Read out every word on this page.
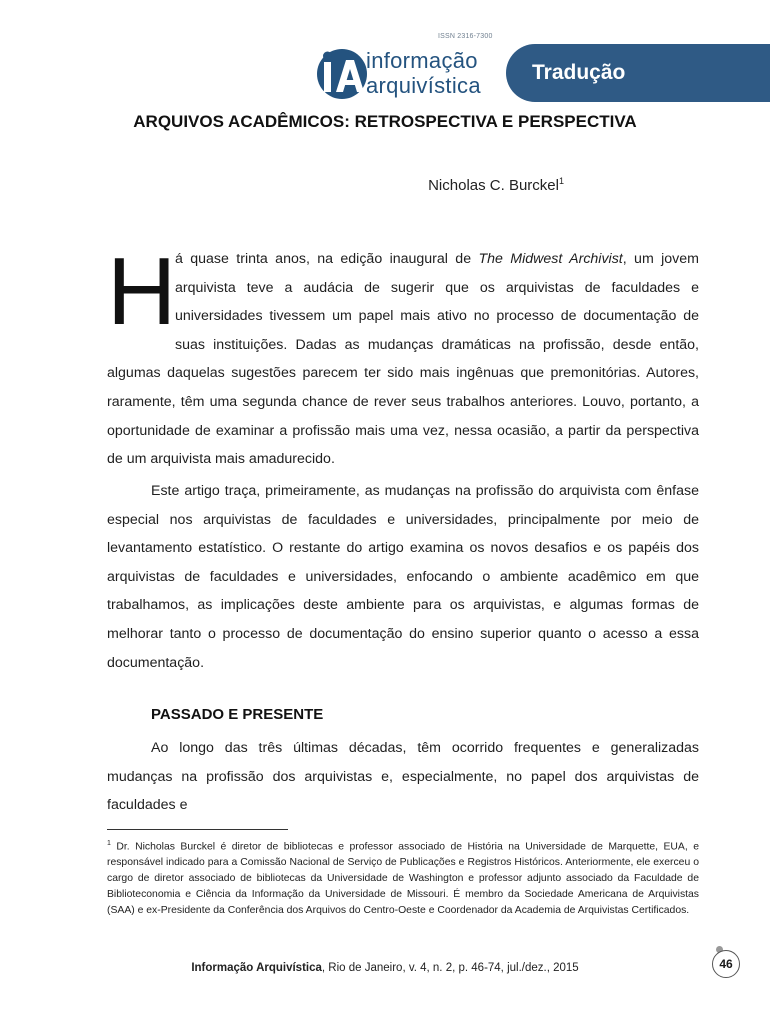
informação
arquivística
ISSN 2316-7300
Tradução
ARQUIVOS ACADÊMICOS: RETROSPECTIVA E PERSPECTIVA
Nicholas C. Burckel$^1$
H
á quase trinta anos, na edição inaugural de The Midwest Archivist, um jovem arquivista teve a audácia de sugerir que os arquivistas de faculdades e universidades tivessem um papel mais ativo no processo de documentação de suas instituições. Dadas as mudanças dramáticas na profissão, desde então, algumas daquelas sugestões parecem ter sido mais ingênuas que premonitórias. Autores, raramente, têm uma segunda chance de rever seus trabalhos anteriores. Louvo, portanto, a oportunidade de examinar a profissão mais uma vez, nessa ocasião, a partir da perspectiva de um arquivista mais amadurecido.
Este artigo traça, primeiramente, as mudanças na profissão do arquivista com ênfase especial nos arquivistas de faculdades e universidades, principalmente por meio de levantamento estatístico. O restante do artigo examina os novos desafios e os papéis dos arquivistas de faculdades e universidades, enfocando o ambiente acadêmico em que trabalhamos, as implicações deste ambiente para os arquivistas, e algumas formas de melhorar tanto o processo de documentação do ensino superior quanto o acesso a essa documentação.
PASSADO E PRESENTE
Ao longo das três últimas décadas, têm ocorrido frequentes e generalizadas mudanças na profissão dos arquivistas e, especialmente, no papel dos arquivistas de faculdades e
$^1$ Dr. Nicholas Burckel é diretor de bibliotecas e professor associado de História na Universidade de Marquette, EUA, e responsável indicado para a Comissão Nacional de Serviço de Publicações e Registros Históricos. Anteriormente, ele exerceu o cargo de diretor associado de bibliotecas da Universidade de Washington e professor adjunto associado da Faculdade de Biblioteconomia e Ciência da Informação da Universidade de Missouri. É membro da Sociedade Americana de Arquivistas (SAA) e ex-Presidente da Conferência dos Arquivos do Centro-Oeste e Coordenador da Academia de Arquivistas Certificados.
Informação Arquivística, Rio de Janeiro, v. 4, n. 2, p. 46-74, jul./dez., 2015	46
